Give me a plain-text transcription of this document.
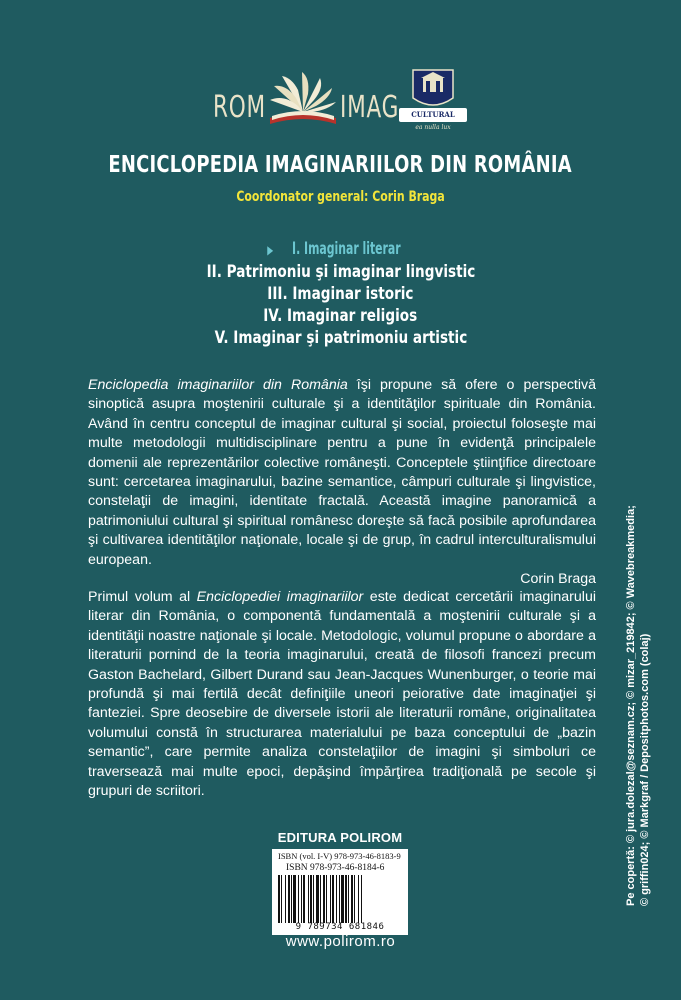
ROM IMAG	CULTURAL
ea nulla lux
ENCICLOPEDIA IMAGINARIILOR DIN ROMÂNIA
Coordonator general: Corin Braga
▶ I. Imaginar literar
II. Patrimoniu şi imaginar lingvistic
III. Imaginar istoric
IV. Imaginar religios
V. Imaginar şi patrimoniu artistic
Enciclopedia imaginariilor din România îşi propune să ofere o perspectivă sinoptică asupra moştenirii culturale şi a identităţilor spirituale din România. Având în centru conceptul de imaginar cultural şi social, proiectul foloseşte mai multe metodologii multidisciplinare pentru a pune în evidenţă principalele domenii ale reprezentărilor colective româneşti. Conceptele ştiinţifice directoare sunt: cercetarea imaginarului, bazine semantice, câmpuri culturale şi lingvistice, constelaţii de imagini, identitate fractală. Această imagine panoramică a patrimoniului cultural şi spiritual românesc doreşte să facă posibile aprofundarea şi cultivarea identităţilor naţionale, locale şi de grup, în cadrul interculturalismului european.
Corin Braga
Primul volum al Enciclopediei imaginariilor este dedicat cercetării imaginarului literar din România, o componentă fundamentală a moştenirii culturale şi a identităţii noastre naţionale şi locale. Metodologic, volumul propune o abordare a literaturii pornind de la teoria imaginarului, creată de filosofi francezi precum Gaston Bachelard, Gilbert Durand sau Jean-Jacques Wunenburger, o teorie mai profundă şi mai fertilă decât definiţiile uneori peiorative date imaginaţiei şi fanteziei. Spre deosebire de diversele istorii ale literaturii române, originalitatea volumului constă în structurarea materialului pe baza conceptului de „bazin semantic”, care permite analiza constelaţiilor de imagini şi simboluri ce traversează mai multe epoci, depăşind împărţirea tradiţională pe secole şi grupuri de scriitori.
EDITURA POLIROM
ISBN (vol. I-V) 978-973-46-8183-9
ISBN 978-973-46-8184-6
9 789734 681846
www.polirom.ro
Pe copertă: © jura.dolezal@seznam.cz; © mizar_219842; © Wavebreakmedia; © griffin024; © Markgraf / Depositphotos.com (colaj)
